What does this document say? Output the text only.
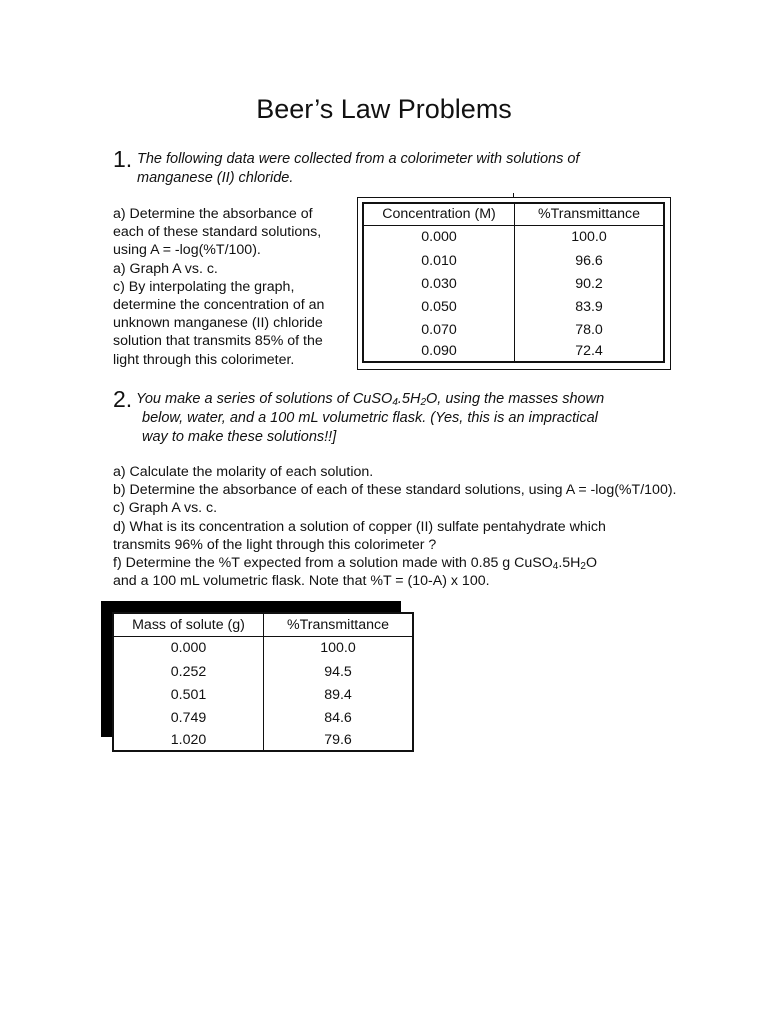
Beer’s Law Problems
1. The following data were collected from a colorimeter with solutions of
manganese (II) chloride.
a) Determine the absorbance of
each of these standard solutions,
using A = -log(%T/100).
a) Graph A vs. c.
c) By interpolating the graph,
determine the concentration of an
unknown manganese (II) chloride
solution that transmits 85% of the
light through this colorimeter.
Concentration (M)	%Transmittance
0.000	100.0
0.010	96.6
0.030	90.2
0.050	83.9
0.070	78.0
0.090	72.4
2. You make a series of solutions of $CuSO_4.5H_2O$, using the masses shown
below, water, and a 100 mL volumetric flask. (Yes, this is an impractical
way to make these solutions!!]
a) Calculate the molarity of each solution.
b) Determine the absorbance of each of these standard solutions, using A = -log(%T/100).
c) Graph A vs. c.
d) What is its concentration a solution of copper (II) sulfate pentahydrate which
transmits 96% of the light through this colorimeter ?
f) Determine the %T expected from a solution made with 0.85 g $CuSO_4.5H_2O$
and a 100 mL volumetric flask. Note that %T = (10-A) x 100.
Mass of solute (g)	%Transmittance
0.000	100.0
0.252	94.5
0.501	89.4
0.749	84.6
1.020	79.6
